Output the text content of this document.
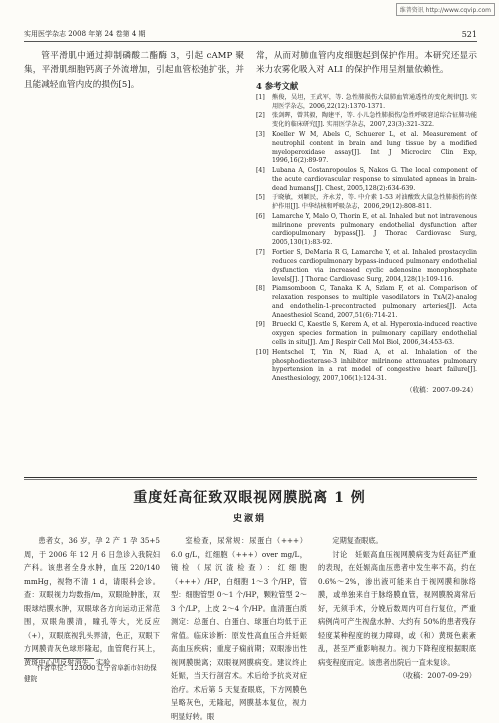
维普资讯 http://www.cqvip.com
实用医学杂志 2008 年第 24 卷第 4 期	521

管平滑肌中通过抑制磷酸二酯酶 3，引起 cAMP 聚集，平滑肌细胞钙离子外流增加，引起血管松弛扩张，并且能减轻血管内皮的损伤[5]。

常，从而对肺血管内皮细胞起到保护作用。本研究还显示米力农雾化吸入对 ALI 的保护作用呈剂量依赖性。

4 参考文献
[1]	熊俊，吴坦，王武军，等. 急性肺损伤大鼠肺血管通透性的变化规律[J]. 实用医学杂志，2006,22(12):1370-1371.
[2]	张剑晖，曾其毅，陶建平，等. 小儿急性肺损伤/急性呼吸窘迫综合征肺功能变化的临床研究[J]. 实用医学杂志，2007,23(3):321-322.
[3]	Koeller W M, Abels C, Schuerer L, et al. Measurement of neutrophil content in brain and lung tissue by a modified myeloperoxidase assay[J]. Int J Microcirc Clin Exp, 1996,16(2):89-97.
[4]	Lubana A, Costanropoulos S, Nakos G. The local component of the acute cardiovascular response to simulated apneas in brain-dead humans[J]. Chest, 2005,128(2):634-639.
[5]	于晓敏，刘颖民，齐永芳，等. 中介素 1-53 对油酸致大鼠急性肺损伤的保护作用[J]. 中华结核和呼吸杂志，2006,29(12):808-811.
[6]	Lamarche Y, Malo O, Thorin E, et al. Inhaled but not intravenous milrinone prevents pulmonary endothelial dysfunction after cardiopulmonary bypass[J]. J Thorac Cardiovasc Surg, 2005,130(1):83-92.
[7]	Fortier S, DeMaria R G, Lamarche Y, et al. Inhaled prostacyclin reduces cardiopulmonary bypass-induced pulmonary endothelial dysfunction via increased cyclic adenosine monophosphate levels[J]. J Thorac Cardiovasc Surg, 2004,128(1):109-116.
[8]	Piamsomboon C, Tanaka K A, Szlam F, et al. Comparison of relaxation responses to multiple vasodilators in TxA(2)-analog and endothelin-1-precontracted pulmonary arteries[J]. Acta Anaesthesiol Scand, 2007,51(6):714-21.
[9]	Brueckl C, Kaestle S, Kerem A, et al. Hyperoxia-induced reactive oxygen species formation in pulmonary capillary endothelial cells in situ[J]. Am J Respir Cell Mol Biol, 2006,34:453-63.
[10] Hentschel T, Yin N, Riad A, et al. Inhalation of the phosphodiesterase-3 inhibitor milrinone attenuates pulmonary hypertension in a rat model of congestive heart failure[J]. Anesthesiology, 2007,106(1):124-31.
（收稿：2007-09-24）
重度妊高征致双眼视网膜脱离 1 例
史淑娟

患者女，36 岁，孕 2 产 1 孕 35+5 周，于 2006 年 12 月 6 日急诊入我院妇产科。该患者全身水肿，血压 220/140 mmHg，视物不清 1 d，请眼科会诊。查：双眼视力均数指/m，双眼睑肿胀，双眼球结膜水肿，双眼球各方向运动正常范围，双眼角膜清，瞳孔等大，光反应（+），双眼底视乳头界清，色正，双眼下方网膜青灰色球形隆起，血管爬行其上，黄斑中心凹反射消失。实验

室检查，尿常规：尿蛋白（+++）6.0 g/L，红细胞（+++）over mg/L，镜检（尿沉渣检查）：红细胞（+++）/HP，白细胞 1～3 个/HP，管型：细胞管型 0～1 个/HP，颗粒管型 2～3 个/LP，上皮 2～4 个/HP。血清蛋白质测定：总蛋白、白蛋白、球蛋白均低于正常值。临床诊断：原发性高血压合并妊娠高血压疾病；重度子痫前期；双眼渗出性视网膜脱离；双眼视网膜病变。建议终止妊娠，当天行剖宫术。术后给予抗炎对症治疗。术后第 5 天复查眼底，下方网膜色呈略灰色，无隆起，网膜基本复位，视力明显好转。眼

定期复查眼底。

讨论　妊娠高血压视网膜病变为妊高征严重的表现，在妊娠高血压患者中发生率不高，约在 0.6%～2%，渗出液可能来自于视网膜和脉络膜，或单独来自于脉络膜血管，视网膜脱离常后好，无须手术，分娩后数周内可自行复位，严重病例尚可产生视盘水肿、大约有 50%的患者残存轻度某种程度的视力障碍，或（和）黄斑色素紊乱，甚至严重影响视力。视力下降程度根据眼底病变程度而定。该患者出院后一直未复诊。

（收稿：2007-09-29）
作者单位：123000 辽宁省阜新市妇幼保健院
